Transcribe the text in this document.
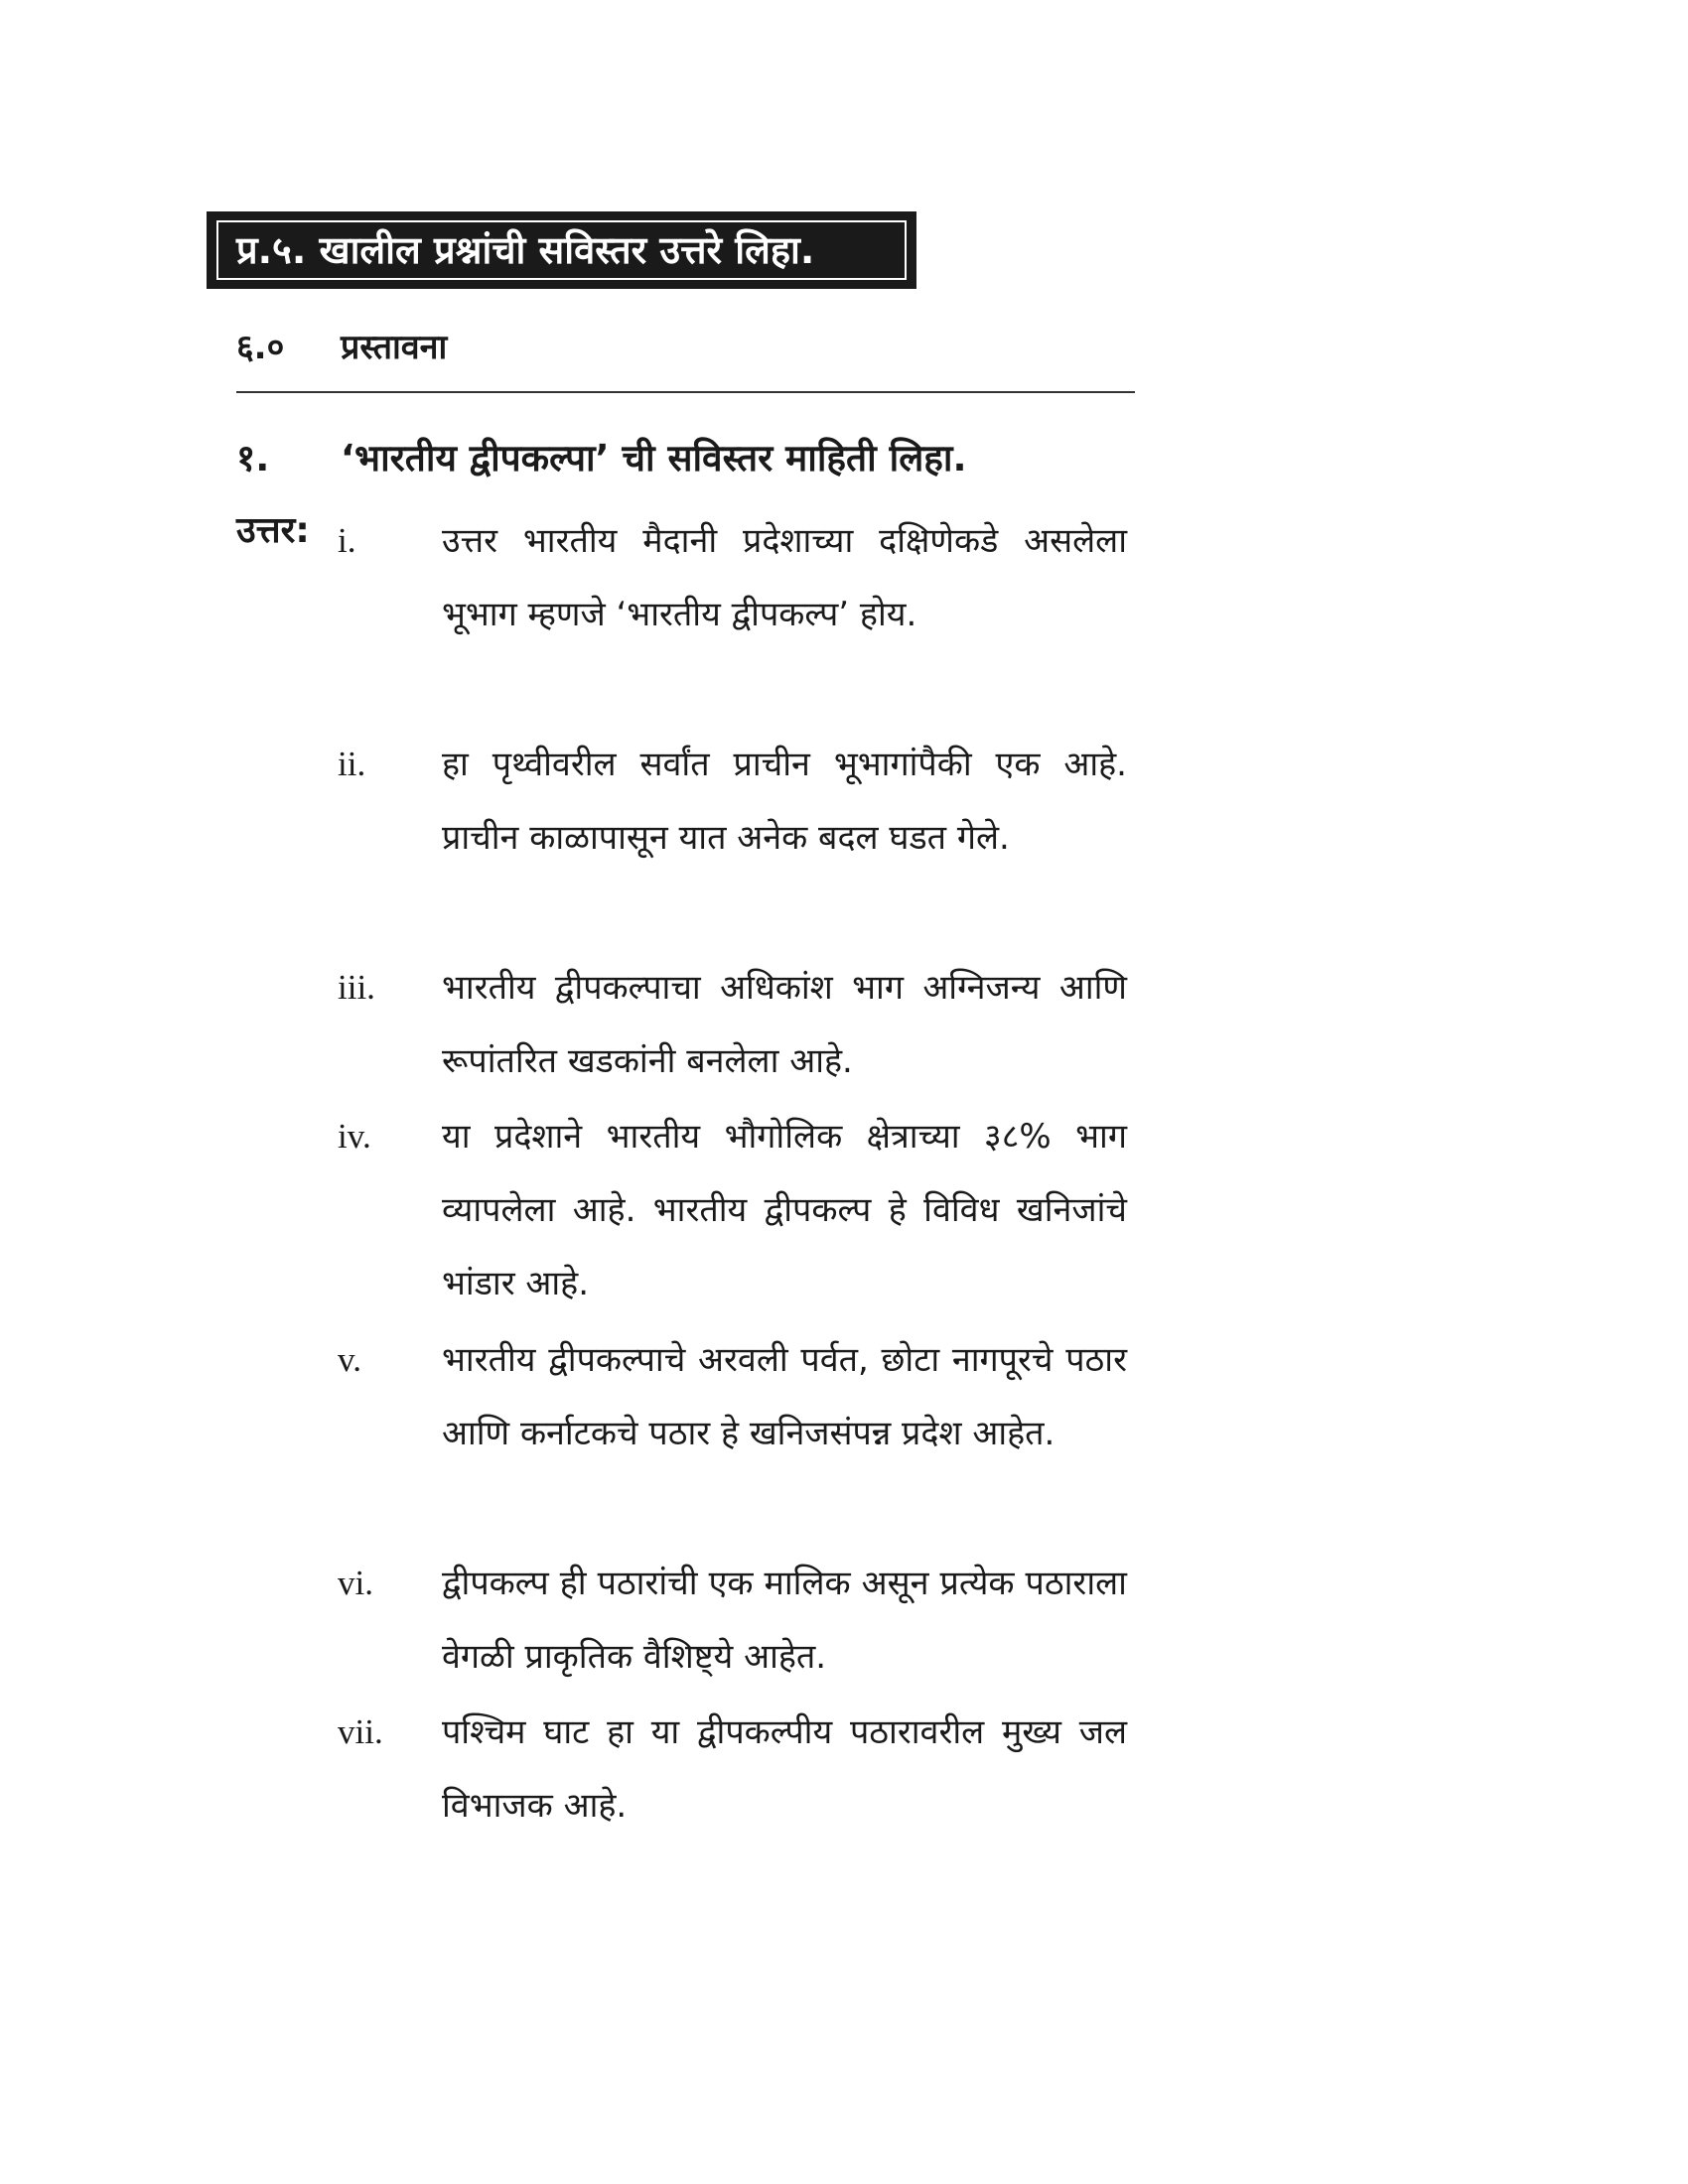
प्र.५. खालील प्रश्नांची सविस्तर उत्तरे लिहा.
६.० प्रस्तावना
१. ‘भारतीय द्वीपकल्पा’ ची सविस्तर माहिती लिहा.
उत्तर: i.	उत्तर भारतीय मैदानी प्रदेशाच्या दक्षिणेकडे असलेला भूभाग म्हणजे ‘भारतीय द्वीपकल्प’ होय.
ii.	हा पृथ्वीवरील सर्वांत प्राचीन भूभागांपैकी एक आहे. प्राचीन काळापासून यात अनेक बदल घडत गेले.
iii.	भारतीय द्वीपकल्पाचा अधिकांश भाग अग्निजन्य आणि रूपांतरित खडकांनी बनलेला आहे.
iv.	या प्रदेशाने भारतीय भौगोलिक क्षेत्राच्या ३८% भाग व्यापलेला आहे. भारतीय द्वीपकल्प हे विविध खनिजांचे भांडार आहे.
v.	भारतीय द्वीपकल्पाचे अरवली पर्वत, छोटा नागपूरचे पठार आणि कर्नाटकचे पठार हे खनिजसंपन्न प्रदेश आहेत.
vi.	द्वीपकल्प ही पठारांची एक मालिक असून प्रत्येक पठाराला वेगळी प्राकृतिक वैशिष्ट्ये आहेत.
vii.	पश्चिम घाट हा या द्वीपकल्पीय पठारावरील मुख्य जल विभाजक आहे.
